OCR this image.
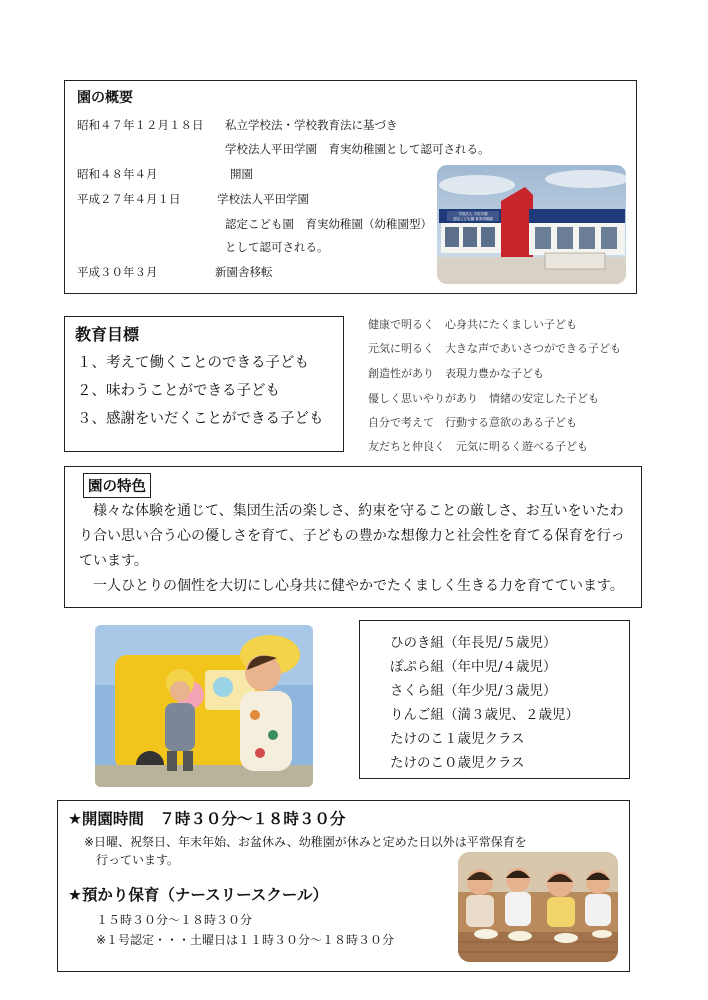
園の概要
昭和４７年１２月１８日 私立学校法・学校教育法に基づき
学校法人平田学園　育実幼稚園として認可される。
昭和４８年４月	開園
平成２７年４月１日	学校法人平田学園
認定こども園　育実幼稚園（幼稚園型）
として認可される。
平成３０年３月	新園舎移転
学校法人 平田学園
認定こども園 育実幼稚園
教育目標
１、考えて働くことのできる子ども
２、味わうことができる子ども
３、感謝をいだくことができる子ども
健康で明るく　心身共にたくましい子ども
元気に明るく　大きな声であいさつができる子ども
創造性があり　表現力豊かな子ども
優しく思いやりがあり　情緒の安定した子ども
自分で考えて　行動する意欲のある子ども
友だちと仲良く　元気に明るく遊べる子ども
園の特色
　様々な体験を通じて、集団生活の楽しさ、約束を守ることの厳しさ、お互いをいたわ
り合い思い合う心の優しさを育て、子どもの豊かな想像力と社会性を育てる保育を行っ
ています。
　一人ひとりの個性を大切にし心身共に健やかでたくましく生きる力を育てています。
ひのき組（年長児/５歳児）
ぽぷら組（年中児/４歳児）
さくら組（年少児/３歳児）
りんご組（満３歳児、２歳児）
たけのこ１歳児クラス
たけのこ０歳児クラス
★開園時間　７時３０分～１８時３０分
※日曜、祝祭日、年末年始、お盆休み、幼稚園が休みと定めた日以外は平常保育を
行っています。
★預かり保育（ナースリースクール）
１５時３０分～１８時３０分
※１号認定・・・土曜日は１１時３０分～１８時３０分
